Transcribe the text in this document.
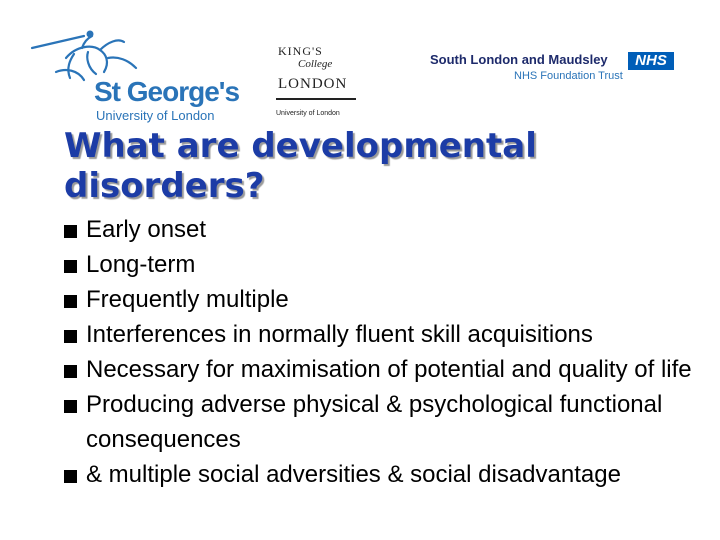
St George's
University of London
KING'S
College
LONDON
University of London
South London and Maudsley	NHS
NHS Foundation Trust
What are developmental disorders?
Early onset
Long-term
Frequently multiple
Interferences in normally fluent skill acquisitions
Necessary for maximisation of potential and quality of life
Producing adverse physical & psychological functional consequences
& multiple social adversities & social disadvantage
